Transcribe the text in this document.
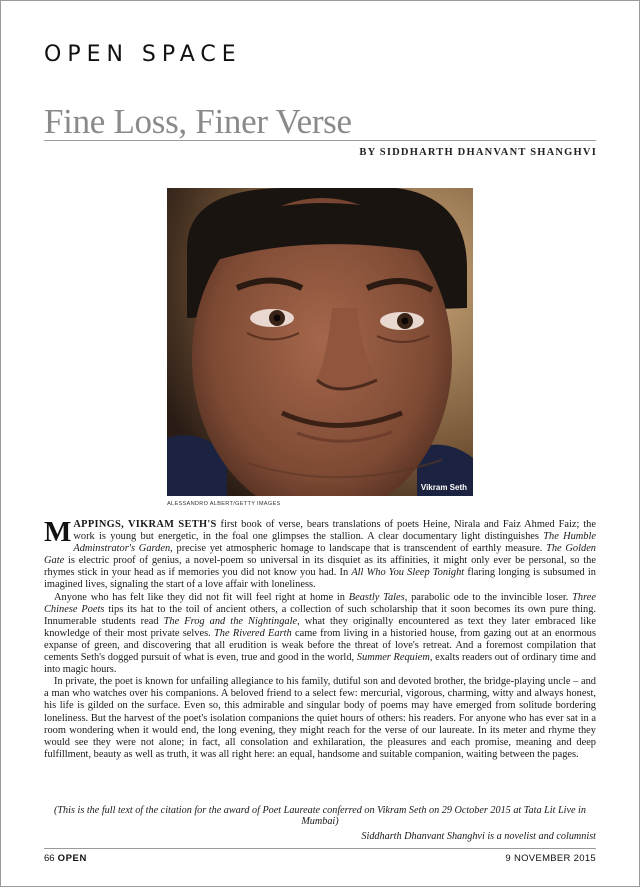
OPEN SPACE
Fine Loss, Finer Verse
BY SIDDHARTH DHANVANT SHANGHVI
Vikram Seth
ALESSANDRO ALBERT/GETTY IMAGES

MAPPINGS, VIKRAM SETH'S first book of verse, bears translations of poets Heine, Nirala and Faiz Ahmed Faiz; the work is young but energetic, in the foal one glimpses the stallion. A clear documentary light distinguishes The Humble Adminstrator's Garden, precise yet atmospheric homage to landscape that is transcendent of earthly measure. The Golden Gate is electric proof of genius, a novel-poem so universal in its disquiet as its affinities, it might only ever be personal, so the rhymes stick in your head as if memories you did not know you had. In All Who You Sleep Tonight flaring longing is subsumed in imagined lives, signaling the start of a love affair with loneliness.

Anyone who has felt like they did not fit will feel right at home in Beastly Tales, parabolic ode to the invincible loser. Three Chinese Poets tips its hat to the toil of ancient others, a collection of such scholarship that it soon becomes its own pure thing. Innumerable students read The Frog and the Nightingale, what they originally encountered as text they later embraced like knowledge of their most private selves. The Rivered Earth came from living in a historied house, from gazing out at an enormous expanse of green, and discovering that all erudition is weak before the threat of love's retreat. And a foremost compilation that cements Seth's dogged pursuit of what is even, true and good in the world, Summer Requiem, exalts readers out of ordinary time and into magic hours.

In private, the poet is known for unfailing allegiance to his family, dutiful son and devoted brother, the bridge-playing uncle – and a man who watches over his companions. A beloved friend to a select few: mercurial, vigorous, charming, witty and always honest, his life is gilded on the surface. Even so, this admirable and singular body of poems may have emerged from solitude bordering loneliness. But the harvest of the poet's isolation companions the quiet hours of others: his readers. For anyone who has ever sat in a room wondering when it would end, the long evening, they might reach for the verse of our laureate. In its meter and rhyme they would see they were not alone; in fact, all consolation and exhilaration, the pleasures and each promise, meaning and deep fulfillment, beauty as well as truth, it was all right here: an equal, handsome and suitable companion, waiting between the pages.

(This is the full text of the citation for the award of Poet Laureate conferred on Vikram Seth on 29 October 2015 at Tata Lit Live in Mumbai)
Siddharth Dhanvant Shanghvi is a novelist and columnist
66 OPEN	9 NOVEMBER 2015
